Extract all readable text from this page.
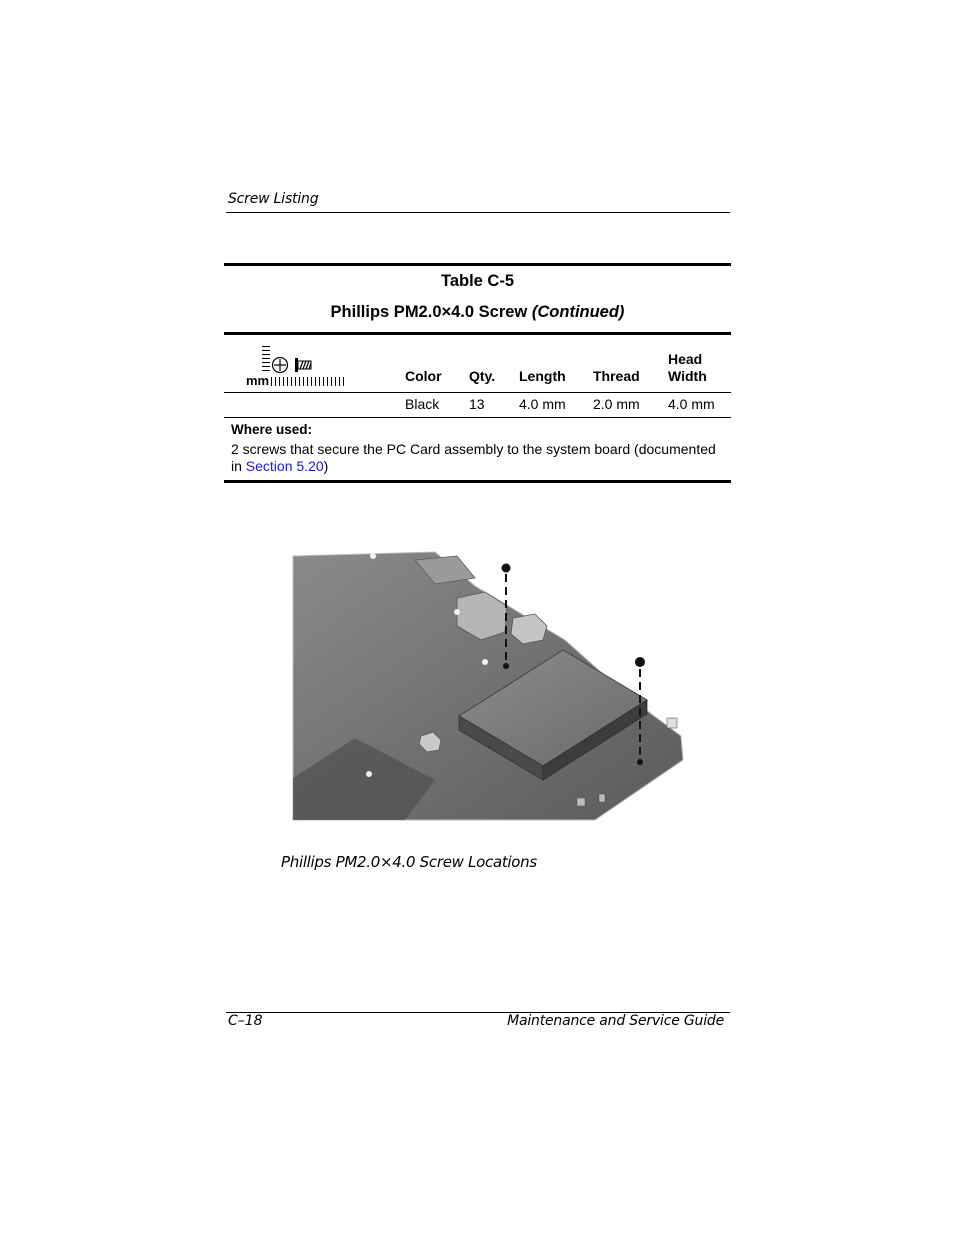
Screw Listing
Table C-5
Phillips PM2.0×4.0 Screw (Continued)
mm	Color Qty. Length Thread
Head
Width
Black 13 4.0 mm 2.0 mm 4.0 mm
Where used:
2 screws that secure the PC Card assembly to the system board (documented in Section 5.20)
Phillips PM2.0×4.0 Screw Locations
C–18	Maintenance and Service Guide
